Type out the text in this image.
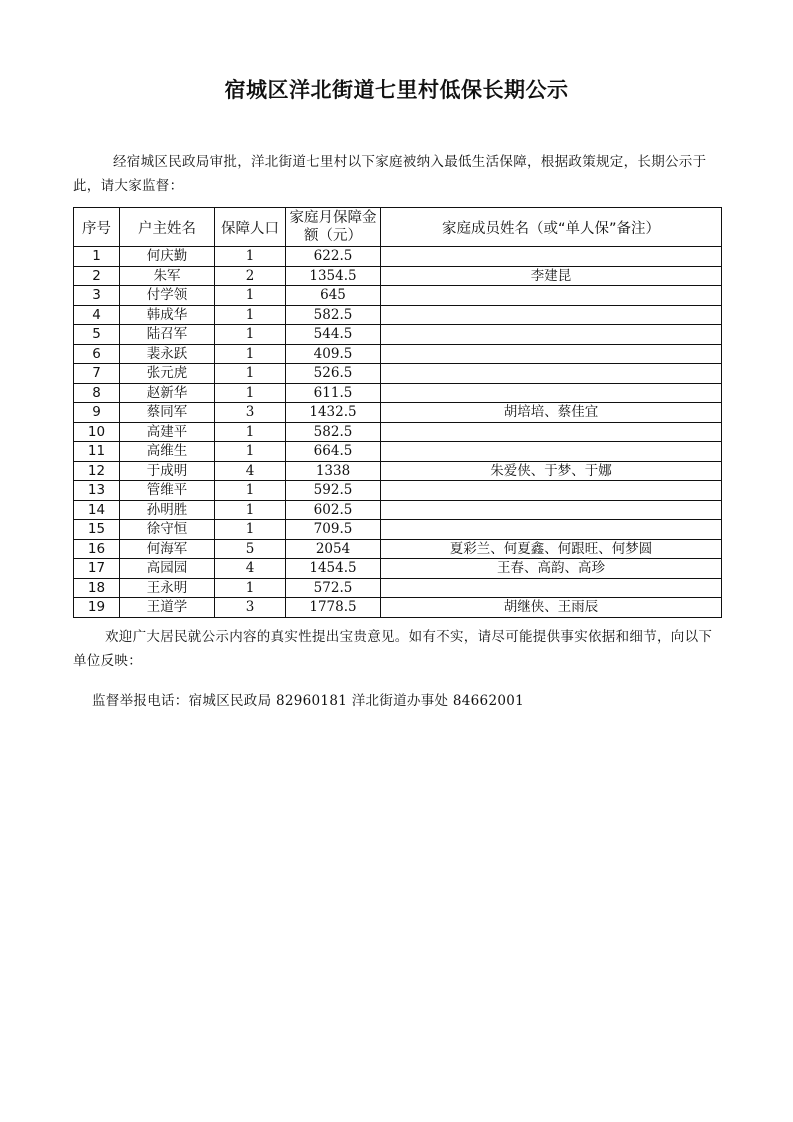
宿城区洋北街道七里村低保长期公示
经宿城区民政局审批，洋北街道七里村以下家庭被纳入最低生活保障，根据政策规定，长期公示于此，请大家监督：
序号	户主姓名	保障人口	家庭月保障金额（元）	家庭成员姓名（或“单人保”备注）
1	何庆勤	1	622.5	
2	朱军	2	1354.5	李建昆
3	付学领	1	645	
4	韩成华	1	582.5	
5	陆召军	1	544.5	
6	裴永跃	1	409.5	
7	张元虎	1	526.5	
8	赵新华	1	611.5	
9	蔡同军	3	1432.5	胡培培、蔡佳宜
10	高建平	1	582.5	
11	高维生	1	664.5	
12	于成明	4	1338	朱爱侠、于梦、于娜
13	管维平	1	592.5	
14	孙明胜	1	602.5	
15	徐守恒	1	709.5	
16	何海军	5	2054	夏彩兰、何夏鑫、何跟旺、何梦圆
17	高园园	4	1454.5	王春、高韵、高珍
18	王永明	1	572.5	
19	王道学	3	1778.5	胡继侠、王雨辰
欢迎广大居民就公示内容的真实性提出宝贵意见。如有不实，请尽可能提供事实依据和细节，向以下单位反映：
监督举报电话：宿城区民政局 82960181 洋北街道办事处 84662001
